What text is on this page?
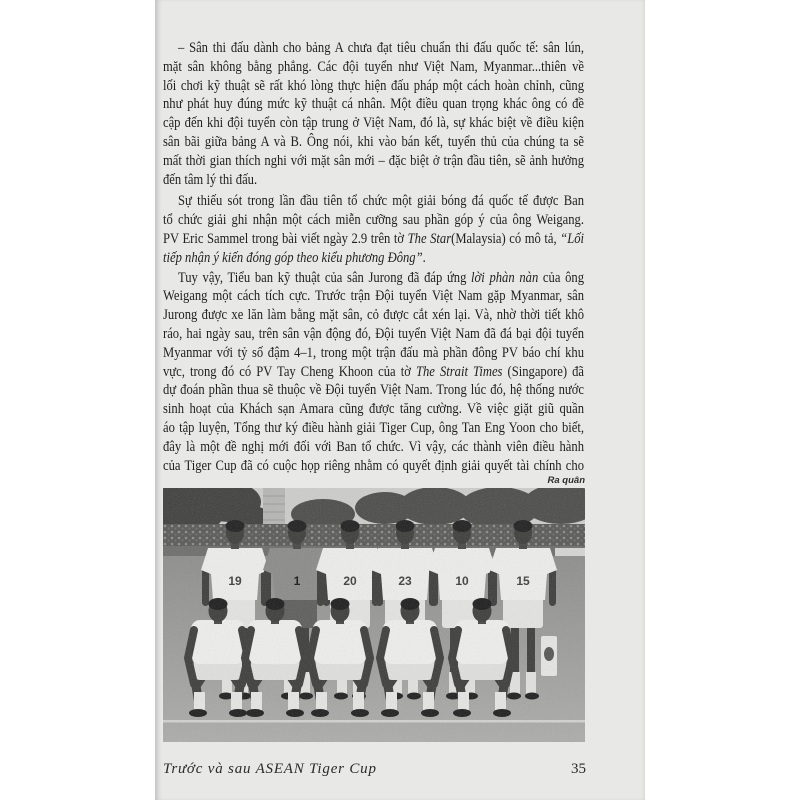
– Sân thi đấu dành cho bảng A chưa đạt tiêu chuẩn thi đấu quốc tế: sân lún,
mặt sân không bằng phẳng. Các đội tuyển như Việt Nam, Myanmar...thiên về
lối chơi kỹ thuật sẽ rất khó lòng thực hiện đấu pháp một cách hoàn chỉnh, cũng
như phát huy đúng mức kỹ thuật cá nhân. Một điều quan trọng khác ông có đề
cập đến khi đội tuyển còn tập trung ở Việt Nam, đó là, sự khác biệt về điều kiện
sân bãi giữa bảng A và B. Ông nói, khi vào bán kết, tuyển thủ của chúng ta sẽ
mất thời gian thích nghi với mặt sân mới – đặc biệt ở trận đầu tiên, sẽ ảnh hưởng
đến tâm lý thi đấu.
Sự thiếu sót trong lần đầu tiên tổ chức một giải bóng đá quốc tế được Ban
tổ chức giải ghi nhận một cách miễn cưỡng sau phần góp ý của ông Weigang.
PV Eric Sammel trong bài viết ngày 2.9 trên tờ The Star(Malaysia) có mô tả, “Lối
tiếp nhận ý kiến đóng góp theo kiểu phương Đông”.
Tuy vậy, Tiểu ban kỹ thuật của sân Jurong đã đáp ứng lời phàn nàn của ông
Weigang một cách tích cực. Trước trận Đội tuyển Việt Nam gặp Myanmar, sân
Jurong được xe lăn làm bằng mặt sân, cỏ được cắt xén lại. Và, nhờ thời tiết khô
ráo, hai ngày sau, trên sân vận động đó, Đội tuyển Việt Nam đã đá bại đội tuyển
Myanmar với tỷ số đậm 4–1, trong một trận đấu mà phần đông PV báo chí khu
vực, trong đó có PV Tay Cheng Khoon của tờ The Strait Times (Singapore) đã
dự đoán phần thua sẽ thuộc về Đội tuyển Việt Nam. Trong lúc đó, hệ thống nước
sinh hoạt của Khách sạn Amara cũng được tăng cường. Về việc giặt giũ quần
áo tập luyện, Tổng thư ký điều hành giải Tiger Cup, ông Tan Eng Yoon cho biết,
đây là một đề nghị mới đối với Ban tổ chức. Vì vậy, các thành viên điều hành
của Tiger Cup đã có cuộc họp riêng nhằm có quyết định giải quyết tài chính cho
Ra quân
19	1	20	23	10	15
Trước và sau ASEAN Tiger Cup	35
